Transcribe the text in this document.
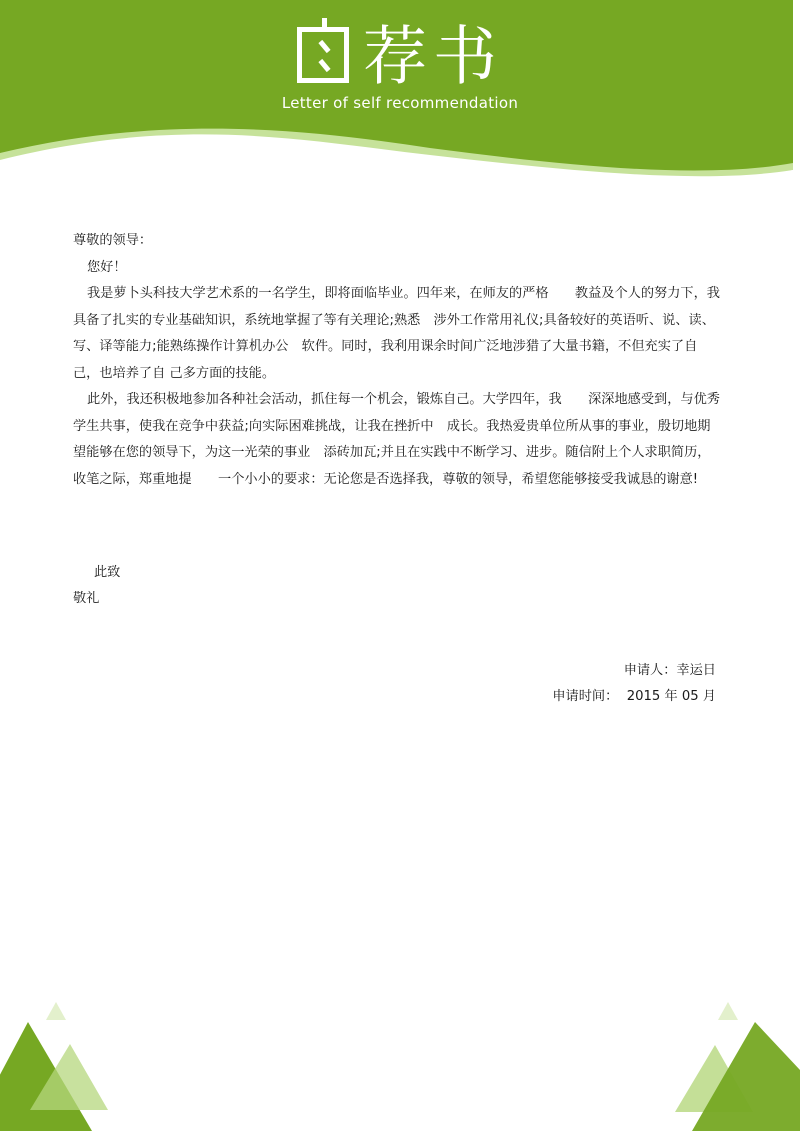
荐书
Letter of self recommendation

尊敬的领导：

您好！

我是萝卜头科技大学艺术系的一名学生，即将面临毕业。四年来，在师友的严格　　教益及个人的努力下，我具备了扎实的专业基础知识，系统地掌握了等有关理论;熟悉　涉外工作常用礼仪;具备较好的英语听、说、读、写、译等能力;能熟练操作计算机办公　软件。同时，我利用课余时间广泛地涉猎了大量书籍，不但充实了自己，也培养了自 己多方面的技能。

此外，我还积极地参加各种社会活动，抓住每一个机会，锻炼自己。大学四年，我　　深深地感受到，与优秀学生共事，使我在竞争中获益;向实际困难挑战，让我在挫折中　成长。我热爱贵单位所从事的事业，殷切地期望能够在您的领导下，为这一光荣的事业　添砖加瓦;并且在实践中不断学习、进步。随信附上个人求职简历，收笔之际，郑重地提　　一个小小的要求：无论您是否选择我，尊敬的领导，希望您能够接受我诚恳的谢意!

此致
敬礼
申请人：幸运日
申请时间：  2015 年 05 月
